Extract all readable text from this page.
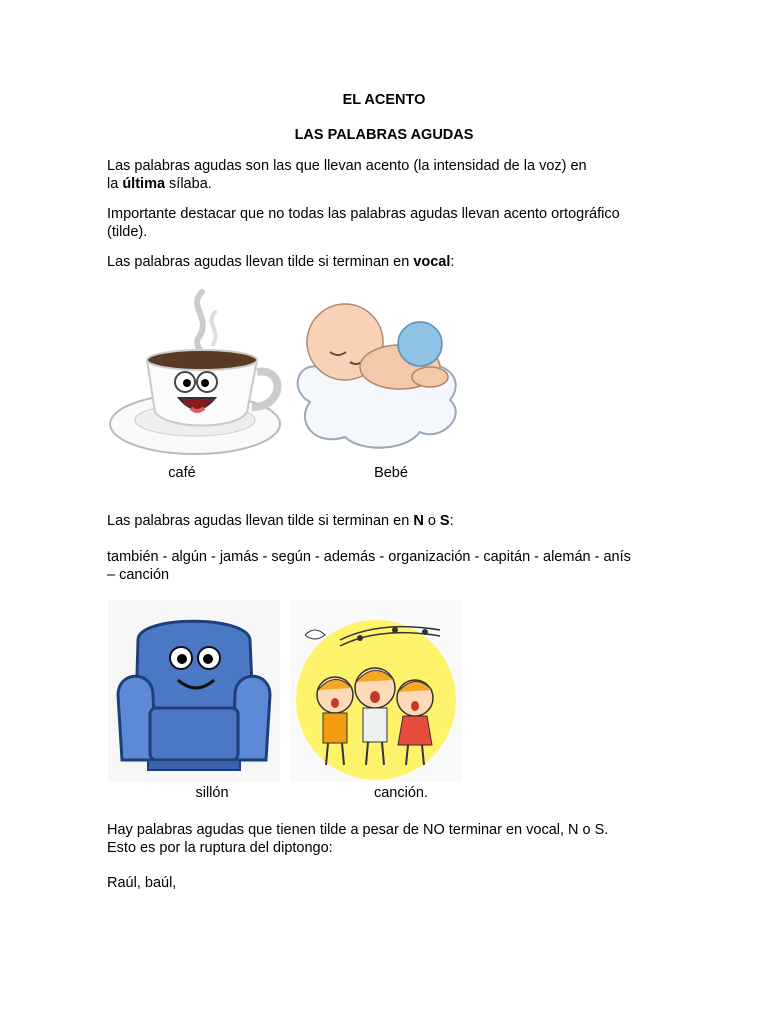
EL ACENTO
LAS PALABRAS AGUDAS
Las palabras agudas son las que llevan acento (la intensidad de la voz) en
la última sílaba.
Importante destacar que no todas las palabras agudas llevan acento ortográfico
(tilde).
Las palabras agudas llevan tilde si terminan en vocal:
café	Bebé
Las palabras agudas llevan tilde si terminan en N o S:
también - algún - jamás - según - además - organización - capitán - alemán - anís
– canción
sillón	canción.
Hay palabras agudas que tienen tilde a pesar de NO terminar en vocal, N o S.
Esto es por la ruptura del diptongo:
Raúl, baúl,
